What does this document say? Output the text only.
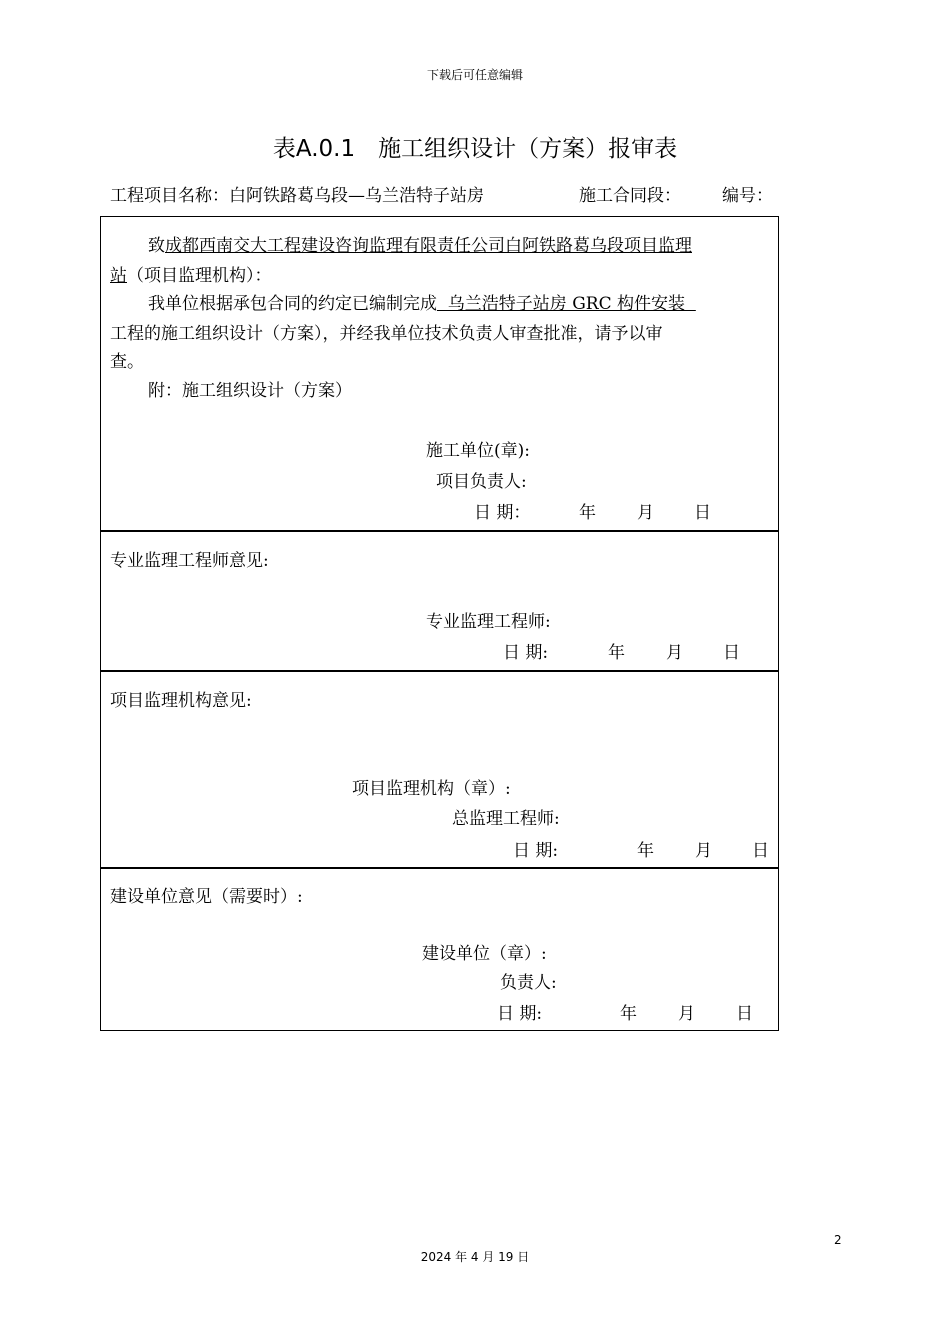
下载后可任意编辑
表A.0.1　施工组织设计（方案）报审表
工程项目名称：白阿铁路葛乌段—乌兰浩特子站房	施工合同段： 编号：
致成都西南交大工程建设咨询监理有限责任公司白阿铁路葛乌段项目监理
站（项目监理机构）：
我单位根据承包合同的约定已编制完成  乌兰浩特子站房 GRC 构件安装
工程的施工组织设计（方案），并经我单位技术负责人审查批准，请予以审
查。
附：施工组织设计（方案）
施工单位(章):
项目负责人:
日 期：	年 月 日
专业监理工程师意见:
专业监理工程师:
日 期:	年 月 日
项目监理机构意见:
项目监理机构（章）:
总监理工程师:
日 期:	年 月 日
建设单位意见（需要时）:
建设单位（章）:
负责人:
日 期:	年 月 日
2
2024 年 4 月 19 日
